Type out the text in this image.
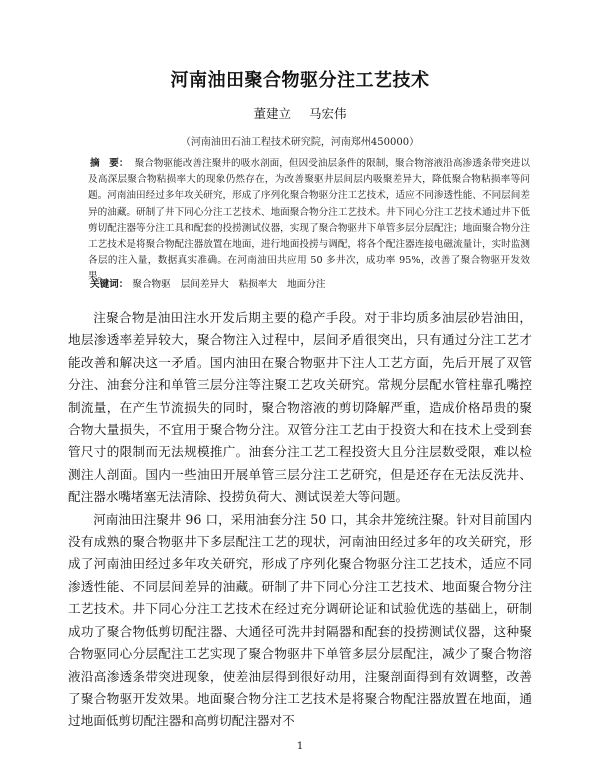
河南油田聚合物驱分注工艺技术
董建立 马宏伟
（河南油田石油工程技术研究院，河南郑州450000）
摘　要： 聚合物驱能改善注聚井的吸水剖面，但因受油层条件的限制，聚合物溶液沿高渗透条带突进以及高深层聚合物粘损率大的现象仍然存在，为改善聚驱井层间层内吸聚差异大，降低聚合物粘损率等问题。河南油田经过多年攻关研究，形成了序列化聚合物驱分注工艺技术，适应不同渗透性能、不同层间差异的油藏。研制了井下同心分注工艺技术、地面聚合物分注工艺技术。井下同心分注工艺技术通过井下低剪切配注器等分注工具和配套的投捞测试仪器，实现了聚合物驱井下单管多层分层配注；地面聚合物分注工艺技术是将聚合物配注器放置在地面，进行地面投捞与调配，将各个配注器连接电磁流量计，实时监测各层的注入量，数据真实准确。在河南油田共应用 50 多井次，成功率 95%，改善了聚合物驱开发效果。
关键词： 聚合物驱 层间差异大 粘损率大 地面分注

注聚合物是油田注水开发后期主要的稳产手段。对于非均质多油层砂岩油田，地层渗透率差异较大，聚合物注入过程中，层间矛盾很突出，只有通过分注工艺才能改善和解决这一矛盾。国内油田在聚合物驱井下注人工艺方面，先后开展了双管分注、油套分注和单管三层分注等注聚工艺攻关研究。常规分层配水管柱靠孔嘴控制流量，在产生节流损失的同时，聚合物溶液的剪切降解严重，造成价格昂贵的聚合物大量损失，不宜用于聚合物分注。双管分注工艺由于投资大和在技术上受到套管尺寸的限制而无法规模推广。油套分注工艺工程投资大且分注层数受限，难以检测注人剖面。国内一些油田开展单管三层分注工艺研究，但是还存在无法反洗井、配注器水嘴堵塞无法清除、投捞负荷大、测试误差大等问题。

河南油田注聚井 96 口，采用油套分注 50 口，其余井笼统注聚。针对目前国内没有成熟的聚合物驱井下多层配注工艺的现状，河南油田经过多年的攻关研究，形成了河南油田经过多年攻关研究，形成了序列化聚合物驱分注工艺技术，适应不同渗透性能、不同层间差异的油藏。研制了井下同心分注工艺技术、地面聚合物分注工艺技术。井下同心分注工艺技术在经过充分调研论证和试验优选的基础上，研制成功了聚合物低剪切配注器、大通径可洗井封隔器和配套的投捞测试仪器，这种聚合物驱同心分层配注工艺实现了聚合物驱井下单管多层分层配注，减少了聚合物溶液沿高渗透条带突进现象，使差油层得到很好动用，注聚剖面得到有效调整，改善了聚合物驱开发效果。地面聚合物分注工艺技术是将聚合物配注器放置在地面，通过地面低剪切配注器和高剪切配注器对不

1
